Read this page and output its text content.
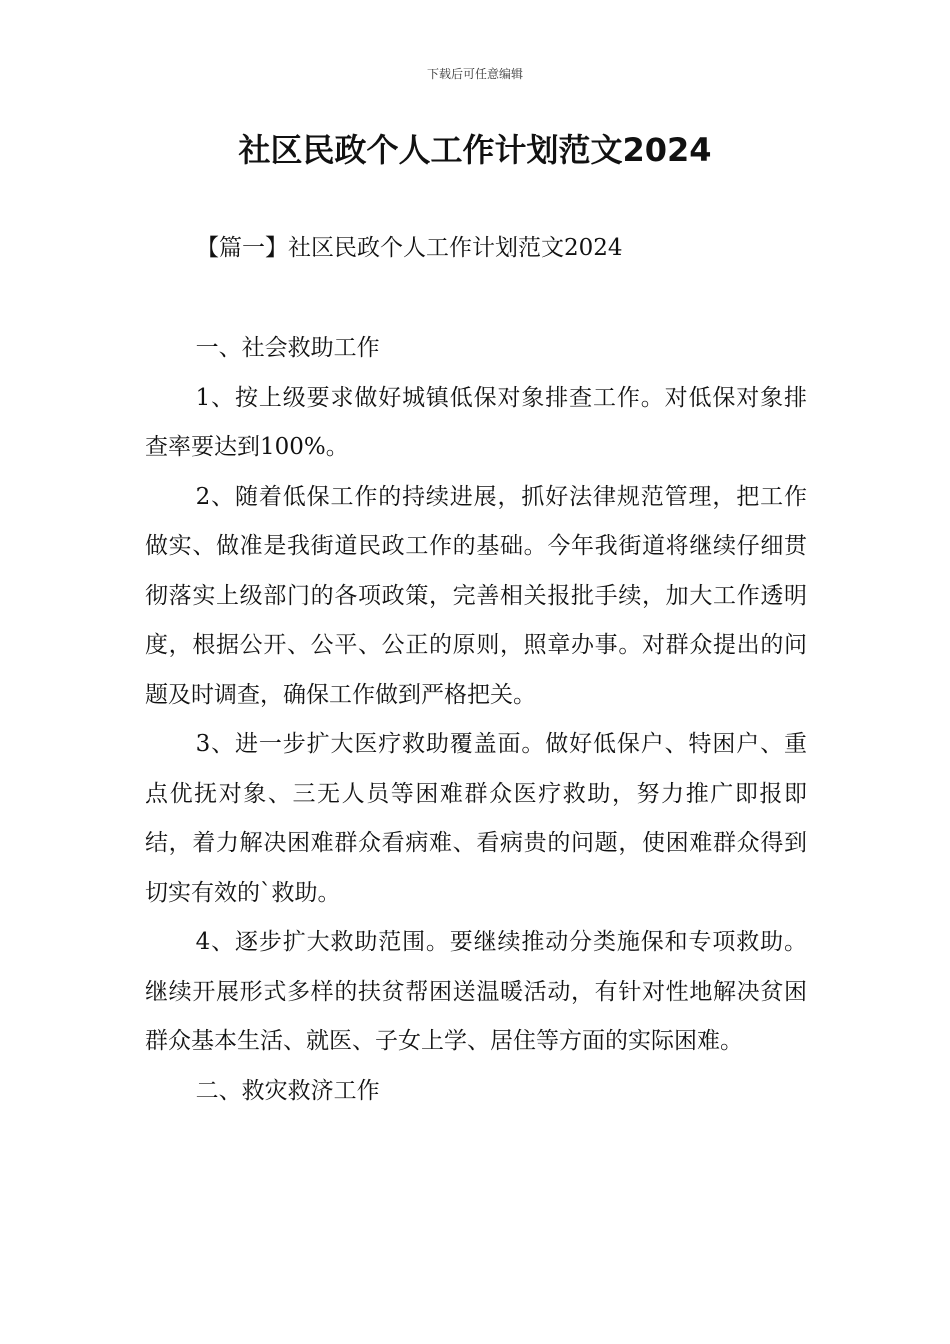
下载后可任意编辑
社区民政个人工作计划范文2024
【篇一】社区民政个人工作计划范文2024

一、社会救助工作

1、按上级要求做好城镇低保对象排查工作。对低保对象排查率要达到100%。

2、随着低保工作的持续进展，抓好法律规范管理，把工作做实、做准是我街道民政工作的基础。今年我街道将继续仔细贯彻落实上级部门的各项政策，完善相关报批手续，加大工作透明度，根据公开、公平、公正的原则，照章办事。对群众提出的问题及时调查，确保工作做到严格把关。

3、进一步扩大医疗救助覆盖面。做好低保户、特困户、重点优抚对象、三无人员等困难群众医疗救助，努力推广即报即结，着力解决困难群众看病难、看病贵的问题，使困难群众得到切实有效的`救助。

4、逐步扩大救助范围。要继续推动分类施保和专项救助。继续开展形式多样的扶贫帮困送温暖活动，有针对性地解决贫困群众基本生活、就医、子女上学、居住等方面的实际困难。

二、救灾救济工作
